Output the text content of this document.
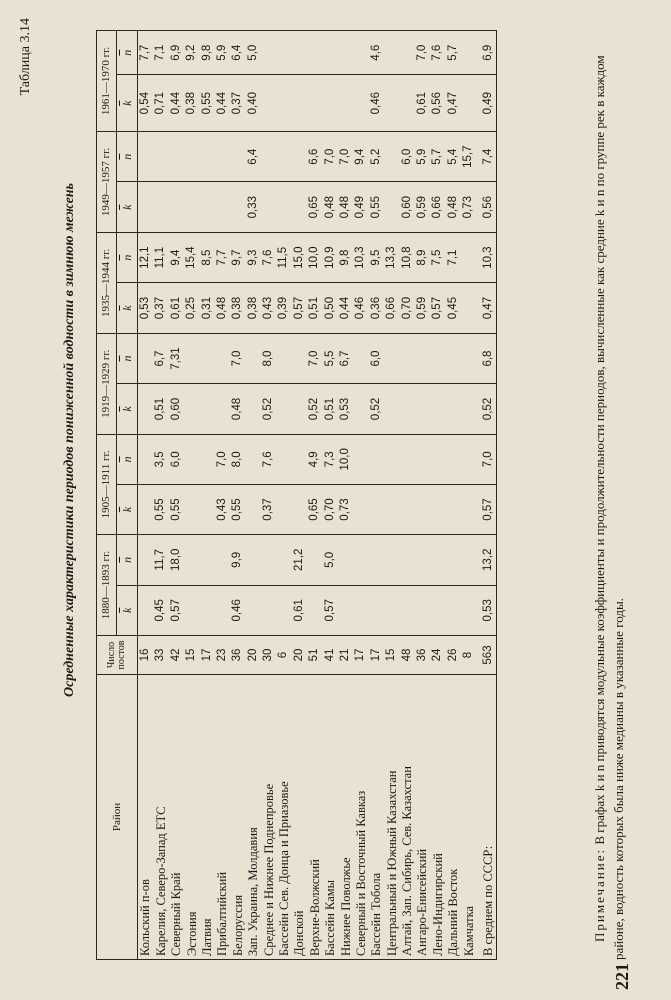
Таблица 3.14
Осредненные характеристики периодов пониженной водности в зимнюю межень
Район	Число постов	1880—1893 гг.		1905—1911 гг.		1919—1929 гг.		1935—1944 гг.		1949—1957 гг.		1961—1970 гг.	
		$\overline{k}$	$\overline{n}$	$\overline{k}$	$\overline{n}$	$\overline{k}$	$\overline{n}$	$\overline{k}$	$\overline{n}$	$\overline{k}$	$\overline{n}$	$\overline{k}$	$\overline{n}$
Кольский п-ов	16							0,53	12,1			0,54	7,7
Карелия, Северо-Запад ЕТС	33	0,45	11,7	0,55	3,5	0,51	6,7	0,37	11,1			0,71	7,1
Северный Край	42	0,57	18,0	0,55	6,0	0,60	7,31	0,61	9,4			0,44	6,9
Эстония	15							0,25	15,4			0,38	9,2
Латвия	17							0,31	8,5			0,55	9,8
Прибалтийский	23			0,43	7,0			0,48	7,7			0,44	5,9
Белоруссия	36	0,46	9,9	0,55	8,0	0,48	7,0	0,38	9,7			0,37	6,4
Зап. Украина, Молдавия	20							0,38	9,3	0,33	6,4	0,40	5,0
Среднее и Нижнее Поднепровье	30			0,37	7,6	0,52	8,0	0,43	7,6				
Бассейн Сев. Донца и Приазовье	6							0,39	11,5				
Донской	20	0,61	21,2					0,57	15,0				
Верхне-Волжский	51			0,65	4,9	0,52	7,0	0,51	10,0	0,65	6,6		
Бассейн Камы	41	0,57	5,0	0,70	7,3	0,51	5,5	0,50	10,9	0,48	7,0		
Нижнее Поволжье	21			0,73	10,0	0,53	6,7	0,44	9,8	0,48	7,0		
Северный и Восточный Кавказ	17							0,46	10,3	0,49	9,4		
Бассейн Тобола	17					0,52	6,0	0,36	9,5	0,55	5,2	0,46	4,6
Центральный и Южный Казахстан	15							0,66	13,3				
Алтай, Зап. Сибирь, Сев. Казахстан	48							0,70	10,8	0,60	6,0		
Ангаро-Енисейский	36							0,59	8,9	0,59	5,9	0,61	7,0
Лено-Индигирский	24							0,57	7,5	0,66	5,7	0,56	7,6
Дальний Восток	26							0,45	7,1	0,48	5,4	0,47	5,7
Камчатка	8									0,73	15,7		
В среднем по СССР:	563	0,53	13,2	0,57	7,0	0,52	6,8	0,47	10,3	0,56	7,4	0,49	6,9
Примечание: В графах k и n приводятся модульные коэффициенты и продолжительности периодов, вычисленные как средние k и n по группе рек в каждом районе, водность которых была ниже медианы в указанные годы.
221
